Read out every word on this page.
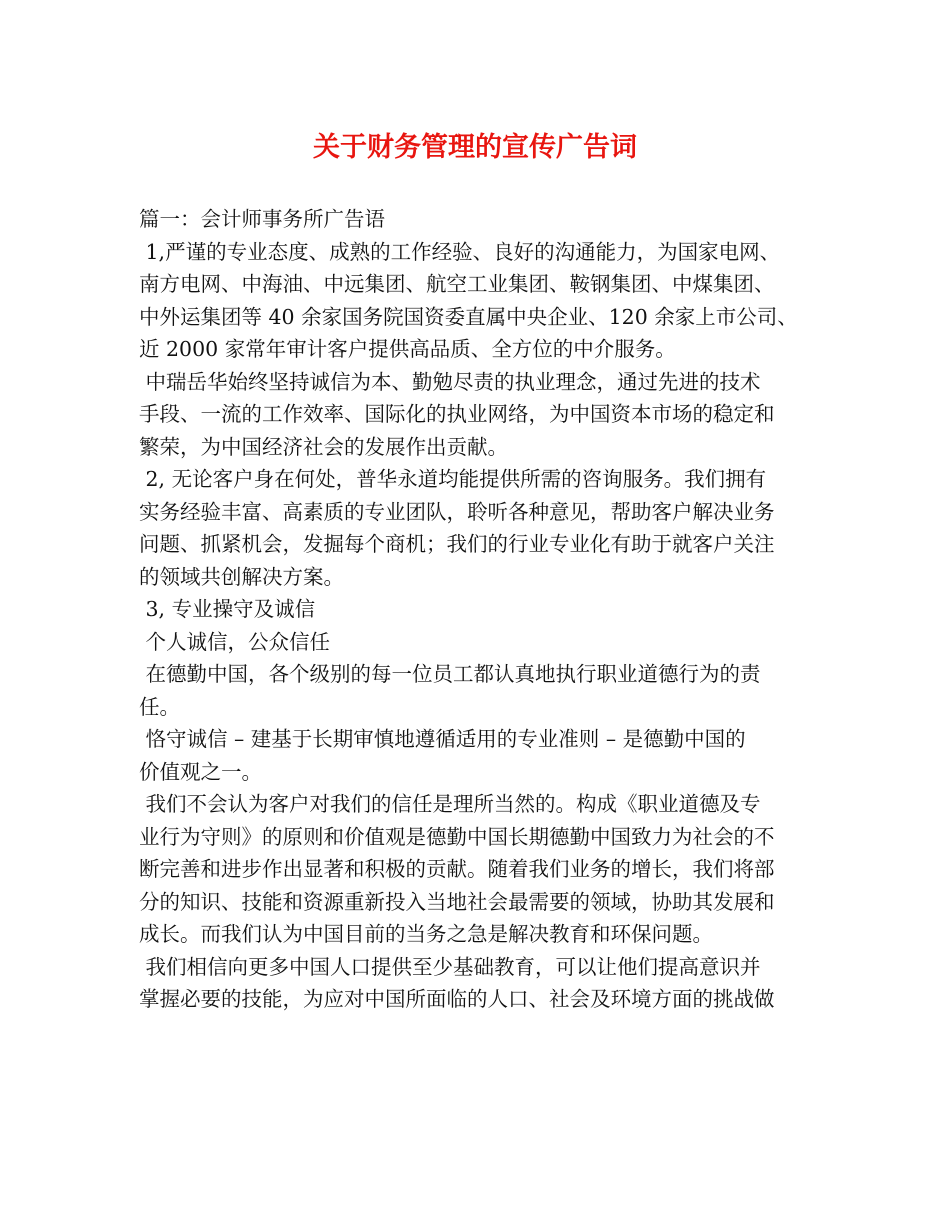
关于财务管理的宣传广告词

篇一：会计师事务所广告语

1,严谨的专业态度、成熟的工作经验、良好的沟通能力，为国家电网、

南方电网、中海油、中远集团、航空工业集团、鞍钢集团、中煤集团、

中外运集团等 40 余家国务院国资委直属中央企业、120 余家上市公司、

近 2000 家常年审计客户提供高品质、全方位的中介服务。

中瑞岳华始终坚持诚信为本、勤勉尽责的执业理念，通过先进的技术

手段、一流的工作效率、国际化的执业网络，为中国资本市场的稳定和

繁荣，为中国经济社会的发展作出贡献。

2, 无论客户身在何处，普华永道均能提供所需的咨询服务。我们拥有

实务经验丰富、高素质的专业团队，聆听各种意见，帮助客户解决业务

问题、抓紧机会，发掘每个商机；我们的行业专业化有助于就客户关注

的领域共创解决方案。

3, 专业操守及诚信

个人诚信，公众信任

在德勤中国，各个级别的每一位员工都认真地执行职业道德行为的责

任。

恪守诚信 – 建基于长期审慎地遵循适用的专业准则 – 是德勤中国的

价值观之一。

我们不会认为客户对我们的信任是理所当然的。构成《职业道德及专

业行为守则》的原则和价值观是德勤中国长期德勤中国致力为社会的不

断完善和进步作出显著和积极的贡献。随着我们业务的增长，我们将部

分的知识、技能和资源重新投入当地社会最需要的领域，协助其发展和

成长。而我们认为中国目前的当务之急是解决教育和环保问题。

我们相信向更多中国人口提供至少基础教育，可以让他们提高意识并

掌握必要的技能，为应对中国所面临的人口、社会及环境方面的挑战做
